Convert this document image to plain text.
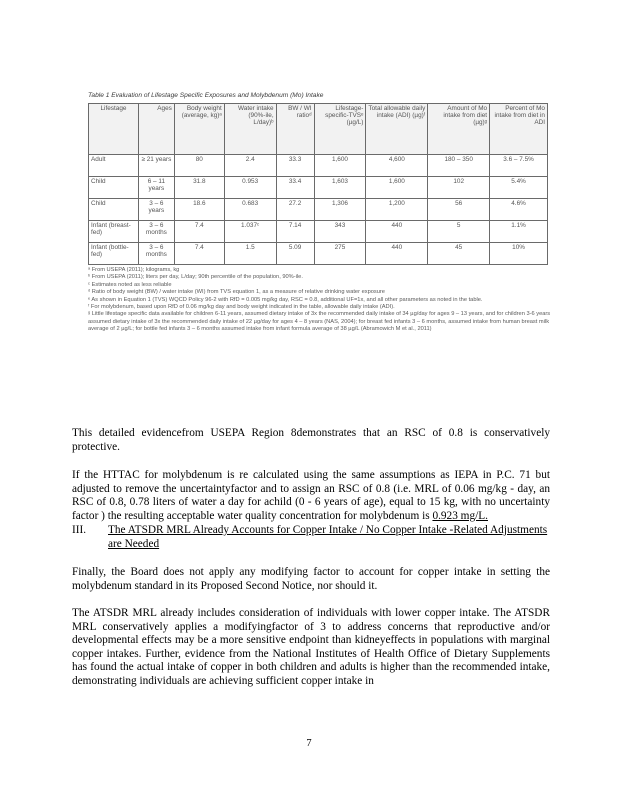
Table 1 Evaluation of Lifestage Specific Exposures and Molybdenum (Mo) Intake
Lifestage	Ages	Body weight (average, kg)ᵃ	Water intake (90%-ile, L/day)ᵇ	BW / WI ratioᵈ	Lifestage-specific-TVSᵉ (µg/L)	Total allowable daily intake (ADI) (µg)ᶠ	Amount of Mo intake from diet (µg)ᵍ	Percent of Mo intake from diet in ADI
Adult	≥ 21 years	80	2.4	33.3	1,600	4,600	180 – 350	3.6 – 7.5%
Child	6 – 11 years	31.8	0.953	33.4	1,603	1,600	102	5.4%
Child	3 – 6 years	18.6	0.683	27.2	1,306	1,200	56	4.6%
Infant (breast-fed)	3 – 6 months	7.4	1.037ᶜ	7.14	343	440	5	1.1%
Infant (bottle-fed)	3 – 6 months	7.4	1.5	5.09	275	440	45	10%

ᵃ From USEPA (2011); kilograms, kg

ᵇ From USEPA (2011); liters per day, L/day; 90th percentile of the population, 90%-ile.

ᶜ Estimates noted as less reliable

ᵈ Ratio of body weight (BW) / water intake (WI) from TVS equation 1, as a measure of relative drinking water exposure

ᵉ As shown in Equation 1 (TVS) WQCD Policy 96-2 with RfD = 0.005 mg/kg day, RSC = 0.8, additional UF=1x, and all other parameters as noted in the table.

ᶠ For molybdenum, based upon RfD of 0.06 mg/kg day and body weight indicated in the table, allowable daily intake (ADI).

ᵍ Little lifestage specific data available for children 6-11 years, assumed dietary intake of 3x the recommended daily intake of 34 µg/day for ages 9 – 13 years, and for children 3-6 years assumed dietary intake of 3x the recommended daily intake of 22 µg/day for ages 4 – 8 years (NAS, 2004); for breast fed infants 3 – 6 months, assumed intake from human breast milk average of 2 µg/L; for bottle fed infants 3 – 6 months assumed intake from infant formula average of 38 µg/L (Abramowich M et al., 2011)

This detailed evidencefrom USEPA Region 8demonstrates that an RSC of 0.8 is conservatively protective.

If the HTTAC for molybdenum is re calculated using the same assumptions as IEPA in P.C. 71 but adjusted to remove the uncertaintyfactor and to assign an RSC of 0.8 (i.e. MRL of 0.06 mg/kg - day, an RSC of 0.8, 0.78 liters of water a day for achild (0 - 6 years of age), equal to 15 kg, with no uncertainty factor ) the resulting acceptable water quality concentration for molybdenum is 0.923 mg/L.

III. The ATSDR MRL Already Accounts for Copper Intake / No Copper Intake -Related Adjustments are Needed

Finally, the Board does not apply any modifying factor to account for copper intake in setting the molybdenum standard in its Proposed Second Notice, nor should it.

The ATSDR MRL already includes consideration of individuals with lower copper intake. The ATSDR MRL conservatively applies a modifyingfactor of 3 to address concerns that reproductive and/or developmental effects may be a more sensitive endpoint than kidneyeffects in populations with marginal copper intakes. Further, evidence from the National Institutes of Health Office of Dietary Supplements has found the actual intake of copper in both children and adults is higher than the recommended intake, demonstrating individuals are achieving sufficient copper intake in

7
